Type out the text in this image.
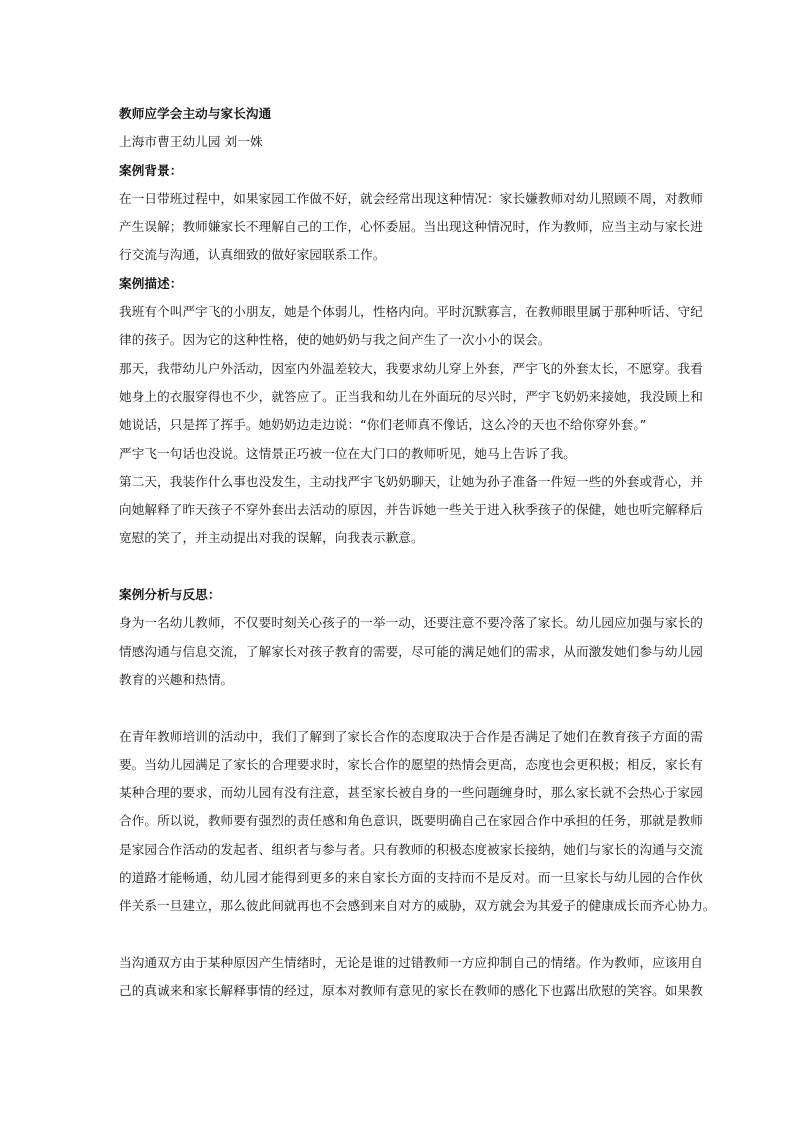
教师应学会主动与家长沟通
上海市曹王幼儿园 刘一姝
案例背景：
在一日带班过程中，如果家园工作做不好，就会经常出现这种情况：家长嫌教师对幼儿照顾不周，对教师
产生误解；教师嫌家长不理解自己的工作，心怀委屈。当出现这种情况时，作为教师，应当主动与家长进
行交流与沟通，认真细致的做好家园联系工作。
案例描述：
我班有个叫严宇飞的小朋友，她是个体弱儿，性格内向。平时沉默寡言，在教师眼里属于那种听话、守纪
律的孩子。因为它的这种性格，使的她奶奶与我之间产生了一次小小的误会。
那天，我带幼儿户外活动，因室内外温差较大，我要求幼儿穿上外套，严宇飞的外套太长，不愿穿。我看
她身上的衣服穿得也不少，就答应了。正当我和幼儿在外面玩的尽兴时，严宇飞奶奶来接她，我没顾上和
她说话，只是挥了挥手。她奶奶边走边说：“你们老师真不像话，这么冷的天也不给你穿外套。”
严宇飞一句话也没说。这情景正巧被一位在大门口的教师听见，她马上告诉了我。
第二天，我装作什么事也没发生，主动找严宇飞奶奶聊天，让她为孙子准备一件短一些的外套或背心，并
向她解释了昨天孩子不穿外套出去活动的原因，并告诉她一些关于进入秋季孩子的保健，她也听完解释后
宽慰的笑了，并主动提出对我的误解，向我表示歉意。
案例分析与反思：
身为一名幼儿教师，不仅要时刻关心孩子的一举一动，还要注意不要冷落了家长。幼儿园应加强与家长的
情感沟通与信息交流，了解家长对孩子教育的需要，尽可能的满足她们的需求，从而激发她们参与幼儿园
教育的兴趣和热情。
在青年教师培训的活动中，我们了解到了家长合作的态度取决于合作是否满足了她们在教育孩子方面的需
要。当幼儿园满足了家长的合理要求时，家长合作的愿望的热情会更高，态度也会更积极；相反，家长有
某种合理的要求，而幼儿园有没有注意，甚至家长被自身的一些问题缠身时，那么家长就不会热心于家园
合作。所以说，教师要有强烈的责任感和角色意识，既要明确自己在家园合作中承担的任务，那就是教师
是家园合作活动的发起者、组织者与参与者。只有教师的积极态度被家长接纳，她们与家长的沟通与交流
的道路才能畅通，幼儿园才能得到更多的来自家长方面的支持而不是反对。而一旦家长与幼儿园的合作伙
伴关系一旦建立，那么彼此间就再也不会感到来自对方的威胁，双方就会为其爱子的健康成长而齐心协力。
当沟通双方由于某种原因产生情绪时，无论是谁的过错教师一方应抑制自己的情绪。作为教师，应该用自
己的真诚来和家长解释事情的经过，原本对教师有意见的家长在教师的感化下也露出欣慰的笑容。如果教
